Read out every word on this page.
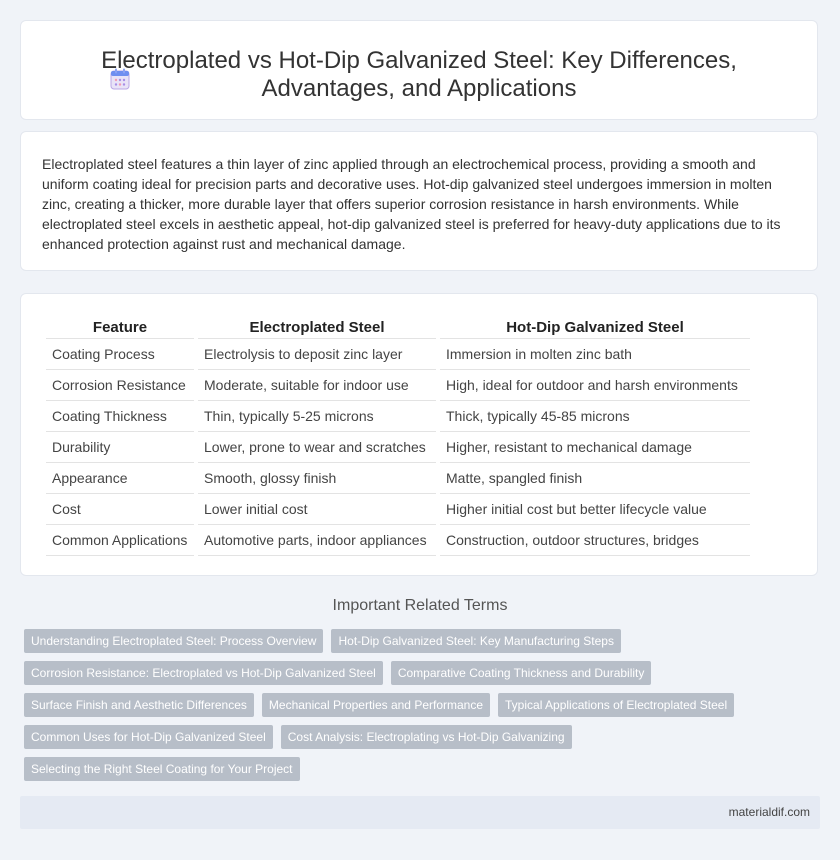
Electroplated vs Hot-Dip Galvanized Steel: Key Differences, Advantages, and Applications

Electroplated steel features a thin layer of zinc applied through an electrochemical process, providing a smooth and uniform coating ideal for precision parts and decorative uses. Hot-dip galvanized steel undergoes immersion in molten zinc, creating a thicker, more durable layer that offers superior corrosion resistance in harsh environments. While electroplated steel excels in aesthetic appeal, hot-dip galvanized steel is preferred for heavy-duty applications due to its enhanced protection against rust and mechanical damage.

Feature	Electroplated Steel	Hot-Dip Galvanized Steel
Coating Process	Electrolysis to deposit zinc layer	Immersion in molten zinc bath
Corrosion Resistance	Moderate, suitable for indoor use	High, ideal for outdoor and harsh environments
Coating Thickness	Thin, typically 5-25 microns	Thick, typically 45-85 microns
Durability	Lower, prone to wear and scratches	Higher, resistant to mechanical damage
Appearance	Smooth, glossy finish	Matte, spangled finish
Cost	Lower initial cost	Higher initial cost but better lifecycle value
Common Applications	Automotive parts, indoor appliances	Construction, outdoor structures, bridges
Important Related Terms
Understanding Electroplated Steel: Process Overview Hot-Dip Galvanized Steel: Key Manufacturing Steps
Corrosion Resistance: Electroplated vs Hot-Dip Galvanized Steel Comparative Coating Thickness and Durability
Surface Finish and Aesthetic Differences Mechanical Properties and Performance Typical Applications of Electroplated Steel
Common Uses for Hot-Dip Galvanized Steel Cost Analysis: Electroplating vs Hot-Dip Galvanizing
Selecting the Right Steel Coating for Your Project
materialdif.com
